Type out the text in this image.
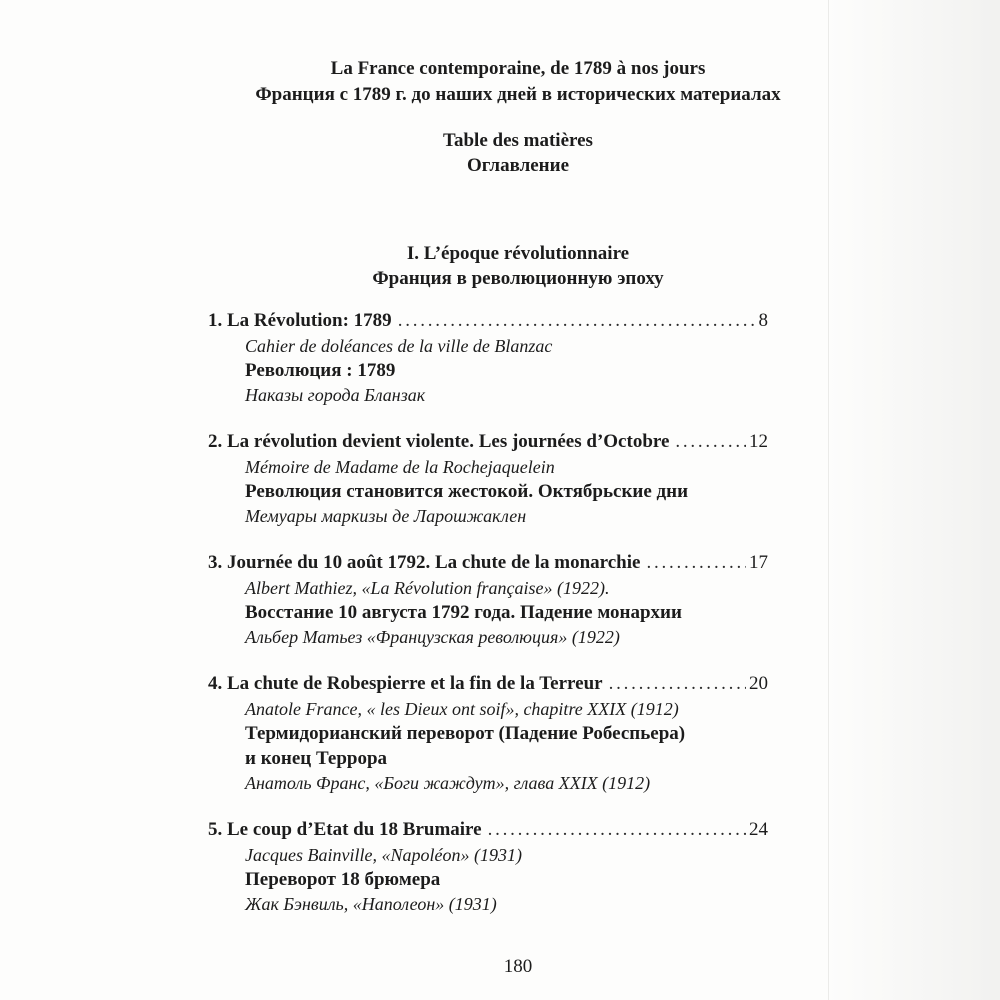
La France contemporaine, de 1789 à nos jours
Франция с 1789 г. до наших дней в исторических материалах
Table des matières
Оглавление
I. L’époque révolutionnaire
Франция в революционную эпоху
1. La Révolution: 1789 . . .	8
Cahier de doléances de la ville de Blanzac
Революция : 1789
Наказы города Бланзак
2. La révolution devient violente. Les journées d’Octobre . . .	12
Mémoire de Madame de la Rochejaquelein
Революция становится жестокой. Октябрьские дни
Мемуары маркизы де Ларошжаклен
3. Journée du 10 août 1792. La chute de la monarchie . . .	17
Albert Mathiez, «La Révolution française» (1922).
Восстание 10 августа 1792 года. Падение монархии
Альбер Матьез «Французская революция» (1922)
4. La chute de Robespierre et la fin de la Terreur . . .	20
Anatole France, « les Dieux ont soif», chapitre XXIX (1912)
Термидорианский переворот (Падение Робеспьера)
и конец Террора
Анатоль Франс, «Боги жаждут», глава XXIX (1912)
5. Le coup d’Etat du 18 Brumaire . . .	24
Jacques Bainville, «Napoléon» (1931)
Переворот 18 брюмера
Жак Бэнвиль, «Наполеон» (1931)
180
